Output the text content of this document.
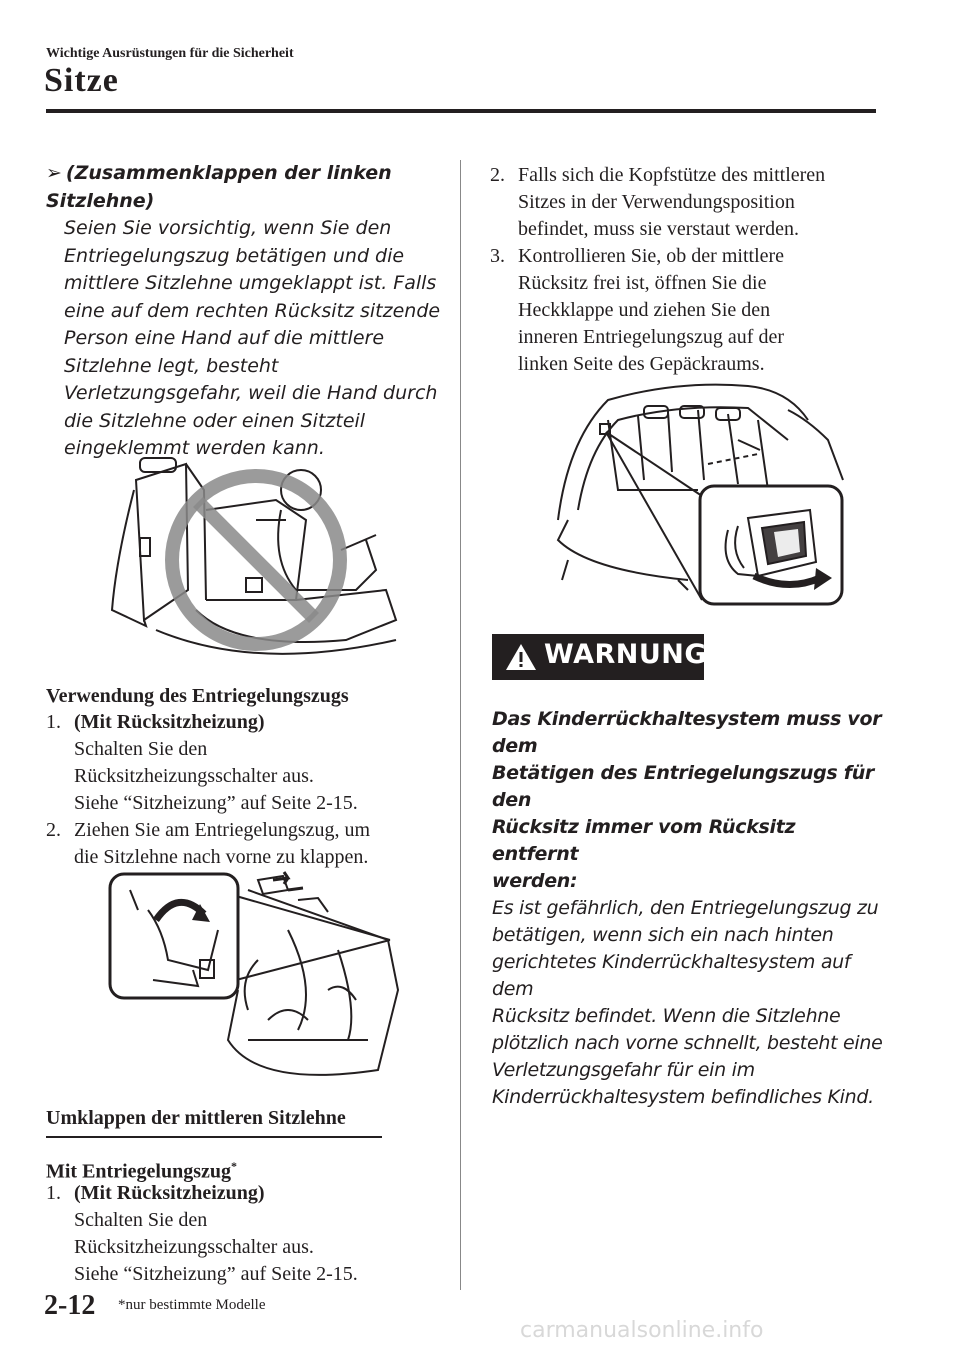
Wichtige Ausrüstungen für die Sicherheit
Sitze
➢ (Zusammenklappen der linken Sitzlehne)
Seien Sie vorsichtig, wenn Sie den
Entriegelungszug betätigen und die
mittlere Sitzlehne umgeklappt ist. Falls
eine auf dem rechten Rücksitz sitzende
Person eine Hand auf die mittlere
Sitzlehne legt, besteht
Verletzungsgefahr, weil die Hand durch
die Sitzlehne oder einen Sitzteil
eingeklemmt werden kann.
Verwendung des Entriegelungszugs
1. (Mit Rücksitzheizung)
Schalten Sie den
Rücksitzheizungsschalter aus.
Siehe “Sitzheizung” auf Seite 2-15.
2. Ziehen Sie am Entriegelungszug, um
die Sitzlehne nach vorne zu klappen.
Umklappen der mittleren Sitzlehne
Mit Entriegelungszug*
1. (Mit Rücksitzheizung)
Schalten Sie den
Rücksitzheizungsschalter aus.
Siehe “Sitzheizung” auf Seite 2-15.
2. Falls sich die Kopfstütze des mittleren
Sitzes in der Verwendungsposition
befindet, muss sie verstaut werden.
3. Kontrollieren Sie, ob der mittlere
Rücksitz frei ist, öffnen Sie die
Heckklappe und ziehen Sie den
inneren Entriegelungszug auf der
linken Seite des Gepäckraums.
WARNUNG
Das Kinderrückhaltesystem muss vor dem
Betätigen des Entriegelungszugs für den
Rücksitz immer vom Rücksitz entfernt
werden:
Es ist gefährlich, den Entriegelungszug zu
betätigen, wenn sich ein nach hinten
gerichtetes Kinderrückhaltesystem auf dem
Rücksitz befindet. Wenn die Sitzlehne
plötzlich nach vorne schnellt, besteht eine
Verletzungsgefahr für ein im
Kinderrückhaltesystem befindliches Kind.
2-12 *nur bestimmte Modelle
carmanualsonline.info
